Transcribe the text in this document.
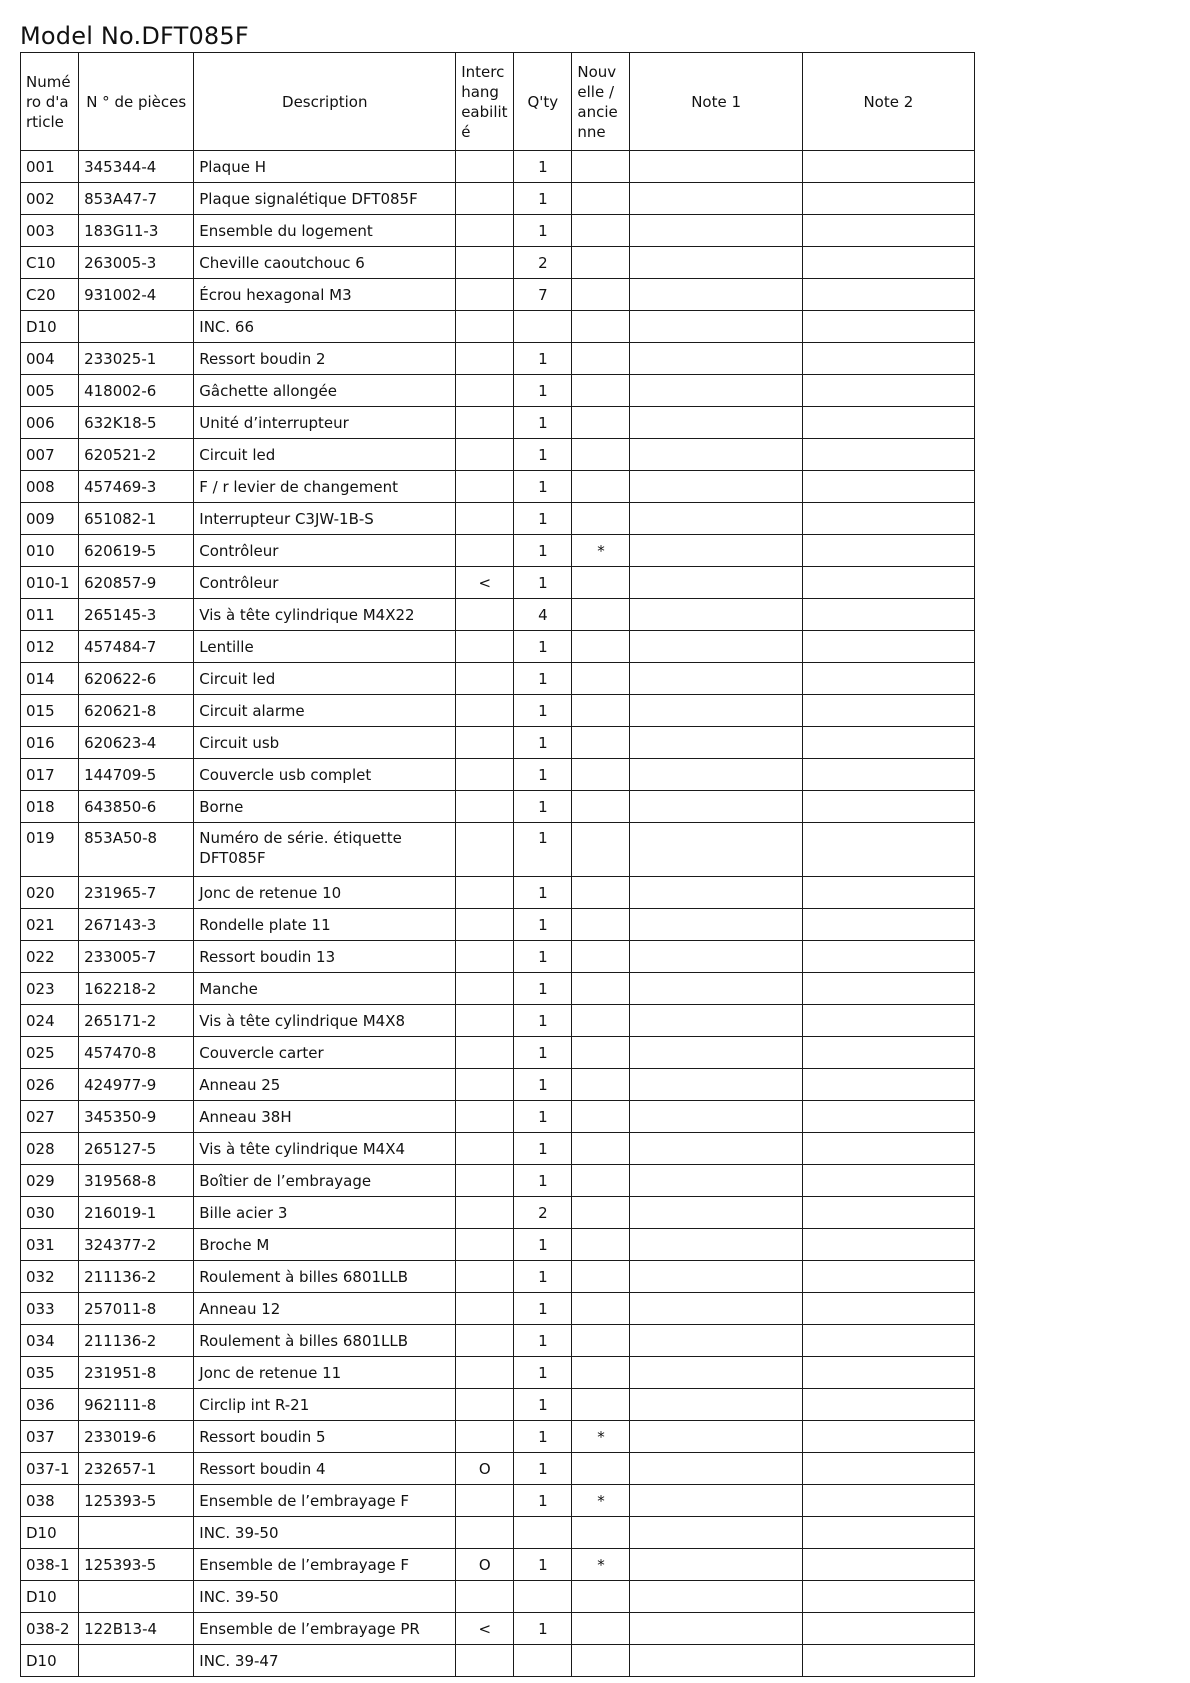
Model No.DFT085F
Numé ro d'a rticle	N ° de pièces	Description	Interc hang eabilit é	Q'ty	Nouv elle / ancie nne	Note 1	Note 2
001	345344-4	Plaque H		1			
002	853A47-7	Plaque signalétique DFT085F		1			
003	183G11-3	Ensemble du logement		1			
C10	263005-3	Cheville caoutchouc 6		2			
C20	931002-4	Écrou hexagonal M3		7			
D10		INC. 66					
004	233025-1	Ressort boudin 2		1			
005	418002-6	Gâchette allongée		1			
006	632K18-5	Unité d’interrupteur		1			
007	620521-2	Circuit led		1			
008	457469-3	F / r levier de changement		1			
009	651082-1	Interrupteur C3JW-1B-S		1			
010	620619-5	Contrôleur		1	*		
010-1	620857-9	Contrôleur	<	1			
011	265145-3	Vis à tête cylindrique M4X22		4			
012	457484-7	Lentille		1			
014	620622-6	Circuit led		1			
015	620621-8	Circuit alarme		1			
016	620623-4	Circuit usb		1			
017	144709-5	Couvercle usb complet		1			
018	643850-6	Borne		1			
019	853A50-8	Numéro de série. étiquette DFT085F		1			
020	231965-7	Jonc de retenue 10		1			
021	267143-3	Rondelle plate 11		1			
022	233005-7	Ressort boudin 13		1			
023	162218-2	Manche		1			
024	265171-2	Vis à tête cylindrique M4X8		1			
025	457470-8	Couvercle carter		1			
026	424977-9	Anneau 25		1			
027	345350-9	Anneau 38H		1			
028	265127-5	Vis à tête cylindrique M4X4		1			
029	319568-8	Boîtier de l’embrayage		1			
030	216019-1	Bille acier 3		2			
031	324377-2	Broche M		1			
032	211136-2	Roulement à billes 6801LLB		1			
033	257011-8	Anneau 12		1			
034	211136-2	Roulement à billes 6801LLB		1			
035	231951-8	Jonc de retenue 11		1			
036	962111-8	Circlip int R-21		1			
037	233019-6	Ressort boudin 5		1	*		
037-1	232657-1	Ressort boudin 4	O	1			
038	125393-5	Ensemble de l’embrayage F		1	*		
D10		INC. 39-50					
038-1	125393-5	Ensemble de l’embrayage F	O	1	*		
D10		INC. 39-50					
038-2	122B13-4	Ensemble de l’embrayage PR	<	1			
D10		INC. 39-47					
